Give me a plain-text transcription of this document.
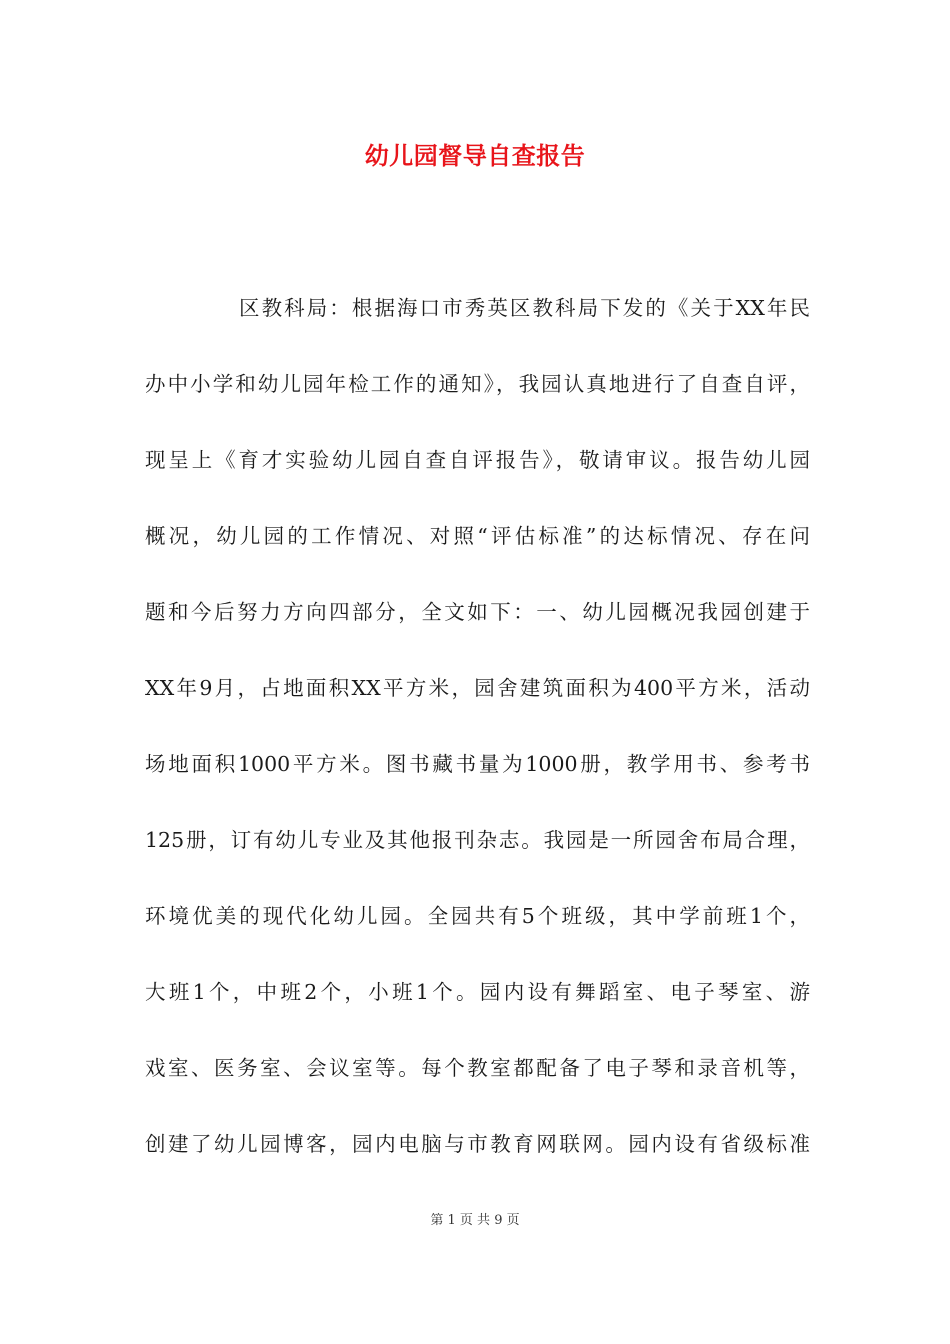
幼儿园督导自查报告
区教科局：根据海口市秀英区教科局下发的《关于XX年民
办中小学和幼儿园年检工作的通知》，我园认真地进行了自查自评，
现呈上《育才实验幼儿园自查自评报告》，敬请审议。报告幼儿园
概况，幼儿园的工作情况、对照“评估标准”的达标情况、存在问
题和今后努力方向四部分，全文如下：一、幼儿园概况我园创建于
XX年9月，占地面积XX平方米，园舍建筑面积为400平方米，活动
场地面积1000平方米。图书藏书量为1000册，教学用书、参考书
125册，订有幼儿专业及其他报刊杂志。我园是一所园舍布局合理，
环境优美的现代化幼儿园。全园共有5个班级，其中学前班1个，
大班1个，中班2个，小班1个。园内设有舞蹈室、电子琴室、游
戏室、医务室、会议室等。每个教室都配备了电子琴和录音机等，
创建了幼儿园博客，园内电脑与市教育网联网。园内设有省级标准
第 1 页 共 9 页
